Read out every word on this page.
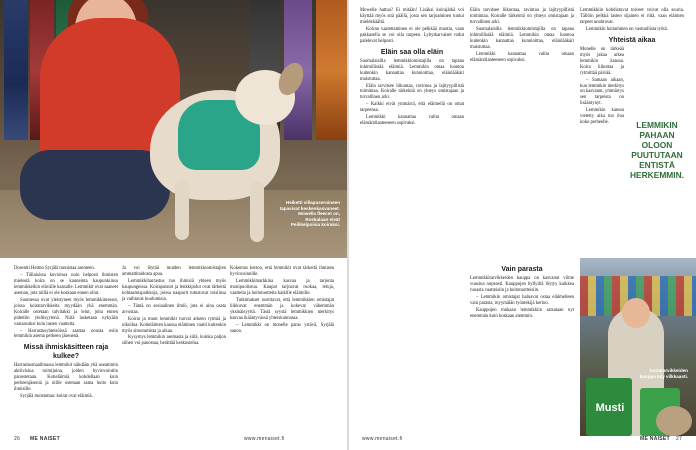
Heiketti villapuseroineen tapasivat keskenkasvaneet. Mowella fleecet on, Roskalaan eivät Peilikelpoisia koiraksi.

Dosentti Heimo Syrjälä tunnistaa asenteen.

– Tällaisissa kuvioissa noin helposti ihmisten mielestä koira on se kauneinta kaupunkiinsa lemmikkeihin elävälle kansalle. Lemmikit ovat saaneet aseman, jota niillä ei ole koskaan ennen ollut.

Suomessa ovat yleistyneet myös lemmikkimessut, joissa koiratarvikkeita myydään yhä enemmän. Koiralle ostetaan talvitakki ja lelut, joita ennen pidettiin ylellisyytenä. Niitä lasketaan nykyään vastaavaksi kuin lasten vaatteita.

– Harrastusyhteisöissä saattaa nousta esiin lemmikin asema perheen jäsenenä.

Missä ihmiskäsitteen raja kulkee?

Harrastusmaailmassa lemmikit nähdään yhä useammin aktiivisina toimijoina, joiden hyvinvointiin panostetaan. Kotieläimiä kohdellaan kuin perheenjäseniä ja niille ostetaan sama hoito kuin ihmisille.

Syrjälä muistuttaa: koirat ovat eläimiä.

Ja voi löytää muiden lemmikinomistajien ammattitaidosta apua.

Lemmikkiharrastus tuo ihmisiä yhteen myös kaupungeissa. Koirapuistot ja lenkkipolut ovat tärkeitä kohtaamispaikkoja, joissa naapurit tutustuvat toisiinsa ja vaihtavat kuulumisia.

– Tämä on sosiaalinen ilmiö, jota ei aina osata arvostaa.

Koirat ja muut lemmikit tuovat arkeen rytmiä ja ulkoilua. Kotieläimen kanssa eläminen vaatii kuitenkin myös sitoutumista ja aikaa.

Kysymys lemmikin asemasta ja siitä, kuinka paljon siihen voi panostaa, herättää keskustelua.

Kokemus kertoo, että lemmikit ovat tärkeitä ihmisen hyvinvoinnille.

Lemmikkimarkkina kasvaa ja tarjonta monipuolistuu. Kaupat tarjoavat ruokaa, leluja, vaatteita ja hoitotuotteita kaikille eläimille.

Tutkimukset osoittavat, että lemmikkien omistajat liikkuvat enemmän ja kokevat vähemmän yksinäisyyttä. Tästä syystä lemmikkien merkitys kasvaa ikääntyvässä yhteiskunnassa.

– Lemmikki on monelle paras ystävä, Syrjälä sanoo.

Mowelle hattua? Ei mitään! Lisäksi koirajätkä voi käyttää myös sitä päällä, josta sen tarjoaminen tuntui mielekkäältä.

Koiran vaatettaminen ei ole pelkkää muotia, vaan pakkasella se voi olla tarpeen. Lyhytkarvaiset rodut palelevat helposti.

Eläin saa olla eläin

Suomalaisilla lemmikkiomistajilla on tapana inhimillistää eläimiä. Lemmikin omaa luontoa kuitenkin kannattaa kunnioittaa, eläinlääkäri muistuttaa.

Eläin tarvitsee liikuntaa, ravintoa ja lajityypillistä toimintaa. Koiralle tärkeintä on yhteys omistajaan ja turvallinen arki.

– Kaikki eivät ymmärrä, että eläimellä on omat tarpeensa.

Lemmikki kannattaa valita omaan elämäntilanteeseen sopivaksi.

Eläin tarvitsee liikuntaa, ravintoa ja lajityypillistä toimintaa. Koiralle tärkeintä on yhteys omistajaan ja turvallinen arki.

Suomalaisilla lemmikkiomistajilla on tapana inhimillistää eläimiä. Lemmikin omaa luontoa kuitenkin kannattaa kunnioittaa, eläinlääkäri muistuttaa.

Lemmikki kannattaa valita omaan elämäntilanteeseen sopivaksi.

Vain parasta

Lemmikkitarvikkeiden kauppa on kasvanut viime vuosina nopeasti. Kauppojen hyllyiltä löytyy kaikkea ruoasta vaatteisiin ja hoitotuotteisiin.

– Lemmikin omistajat haluavat ostaa eläimelleen vain parasta, myymälän työntekijä kertoo.

Kauppojen mukaan lemmikkiin satsataan nyt enemmän kuin koskaan aiemmin.

Lemmikkiin kohdistuvat toiveet voivat olla suuria. Tällöin pelkkä lasten sijainen ei riitä, vaan eläimen tarpeet unohtuvat.

Lemmikin hoitaminen on vastuullista työtä.

Yhteistä aikaa

Monelle on tärkeää myös jakaa arkea lemmikin kanssa. Koira liikuttaa ja rytmittää päivää.

– Samaan aikaan, kun lemmikin merkitys on kasvanut, ymmärrys sen tarpeista on lisääntynyt.

Lemmikin kanssa vietetty aika tuo iloa koko perheelle.	LEMMIKIN PAHAAN OLOON PUUTUTAAN ENTISTÄ HERKEMMIN.
Musti
Koiratarvikkeiden kauppa käy vilkkaasti.
26 ME NAISET	www.menaiset.fi	www.menaiset.fi	ME NAISET 27
